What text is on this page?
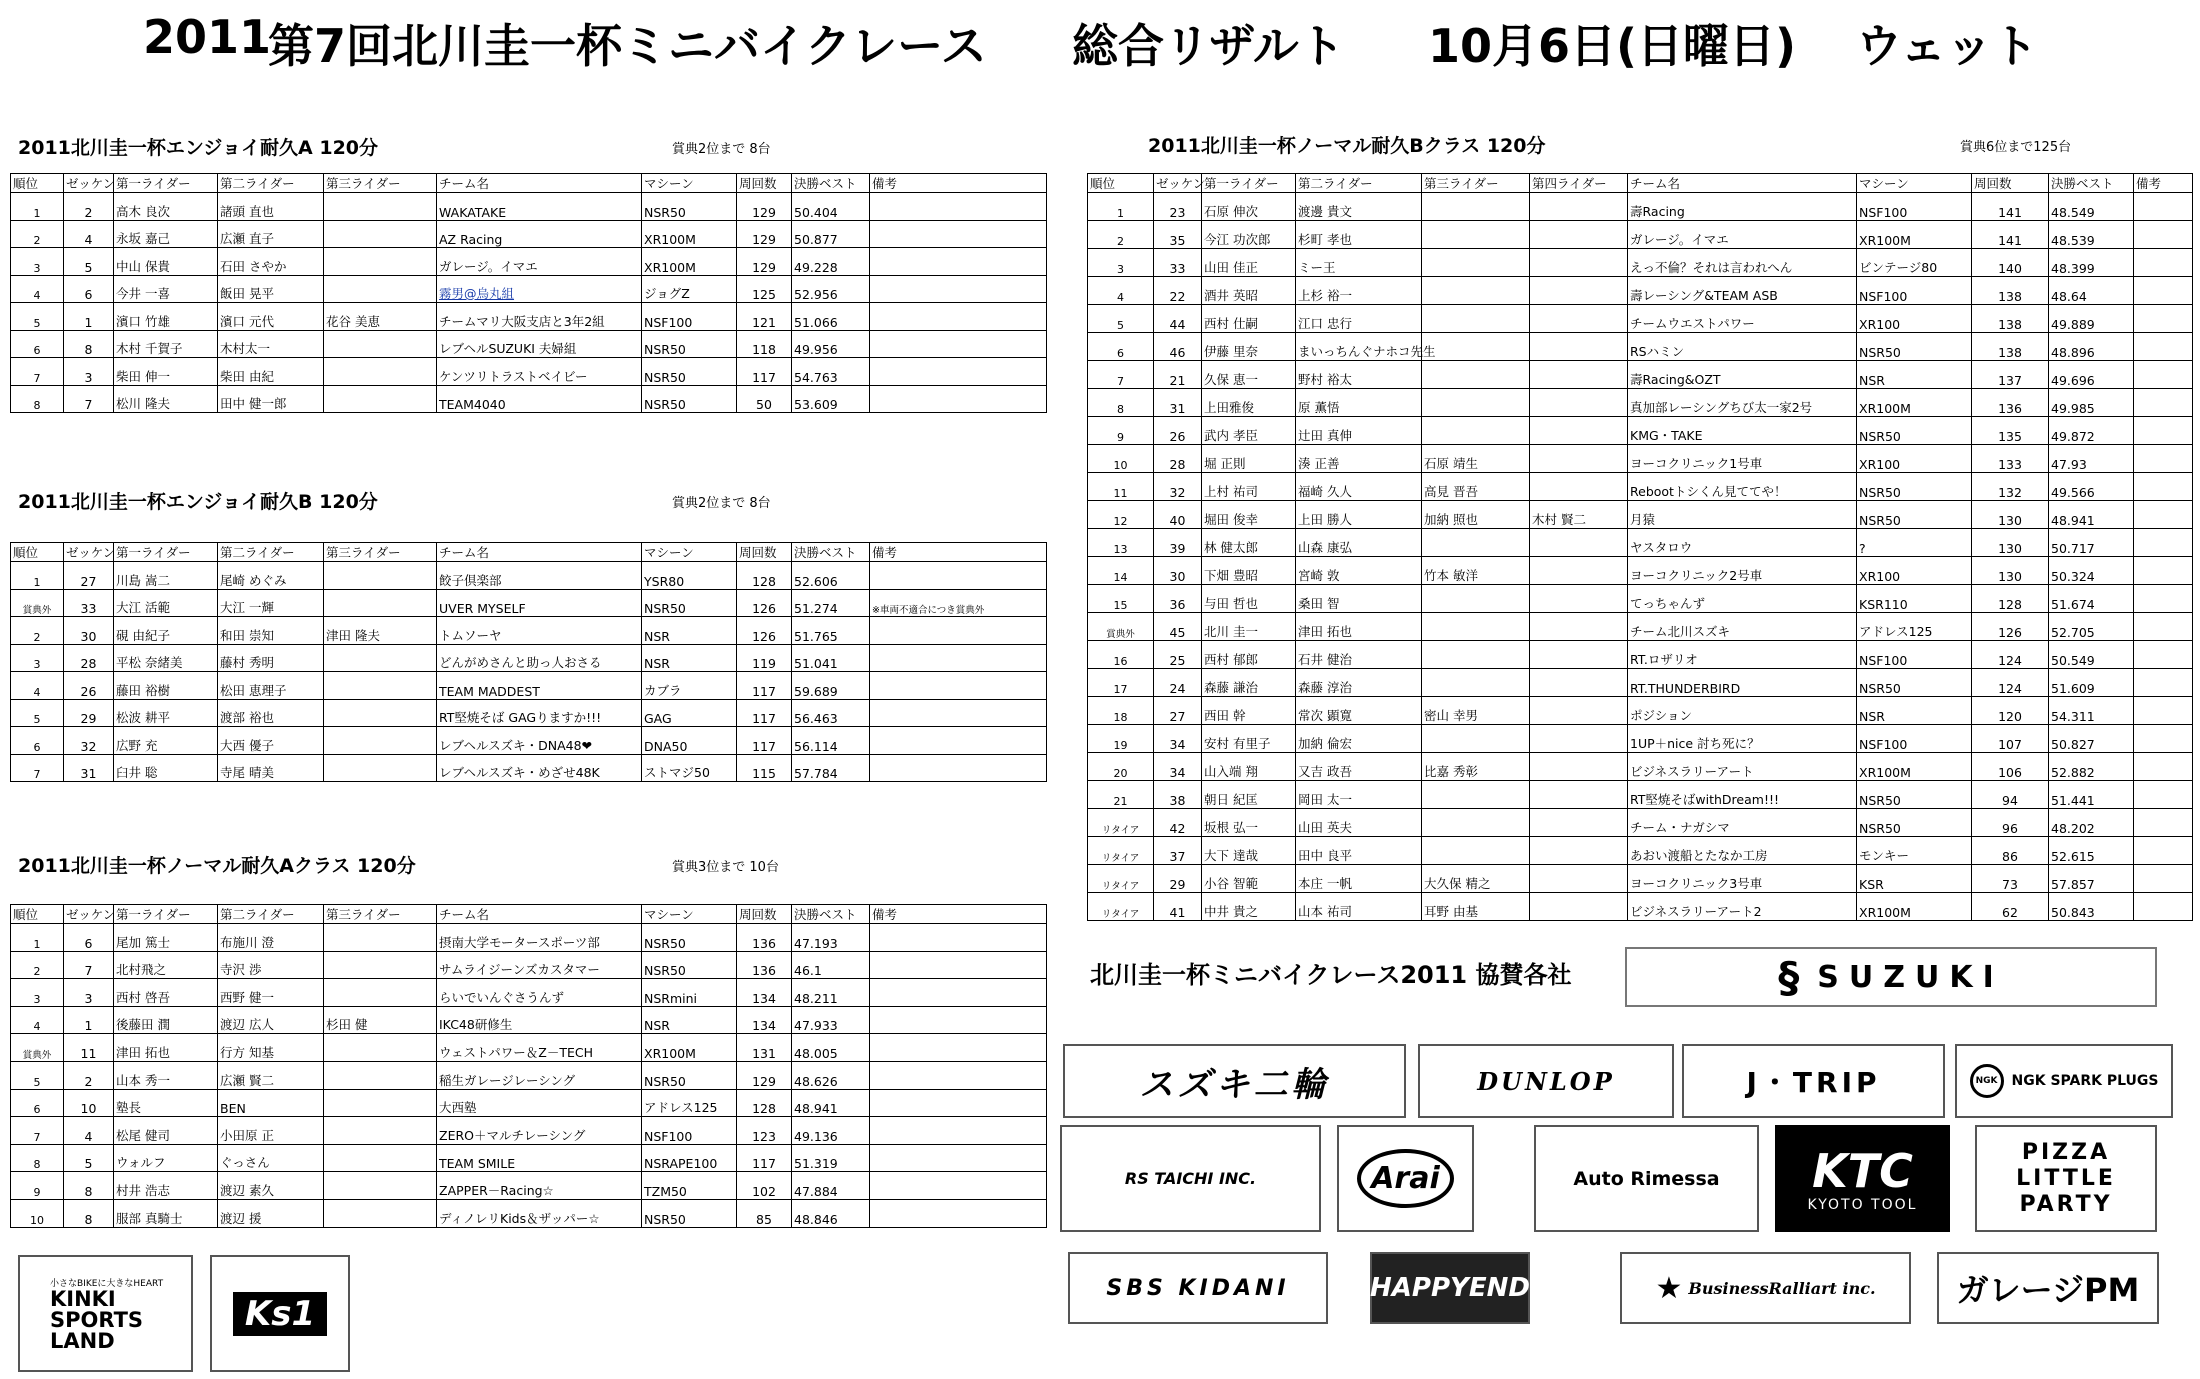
2011
第7回北川圭一杯ミニバイクレース 総合リザルト 10月6日(日曜日) ウェット
2011北川圭一杯エンジョイ耐久A 120分	賞典2位まで 8台
順位	ゼッケン	第一ライダー	第二ライダー	第三ライダー	チーム名	マシーン	周回数	決勝ベスト	備考
1	2	高木 良次	諸頭 直也		WAKATAKE	NSR50	129	50.404	
2	4	永坂 嘉己	広瀬 直子		AZ Racing	XR100M	129	50.877	
3	5	中山 保貴	石田 さやか		ガレージ。イマエ	XR100M	129	49.228	
4	6	今井 一喜	飯田 晃平		霧男@烏丸組	ジョグZ	125	52.956	
5	1	濱口 竹雄	濱口 元代	花谷 美恵	チームマリ大阪支店と3年2組	NSF100	121	51.066	
6	8	木村 千賀子	木村太一		レブヘルSUZUKI 夫婦組	NSR50	118	49.956	
7	3	柴田 伸一	柴田 由紀		ケンツリトラストベイビー	NSR50	117	54.763	
8	7	松川 隆夫	田中 健一郎		TEAM4040	NSR50	50	53.609	
2011北川圭一杯エンジョイ耐久B 120分	賞典2位まで 8台
順位	ゼッケン	第一ライダー	第二ライダー	第三ライダー	チーム名	マシーン	周回数	決勝ベスト	備考
1	27	川島 嵩二	尾崎 めぐみ		餃子倶楽部	YSR80	128	52.606	
賞典外	33	大江 活範	大江 一輝		UVER MYSELF	NSR50	126	51.274	※車両不適合につき賞典外
2	30	硯 由紀子	和田 崇知	津田 隆夫	トムソーヤ	NSR	126	51.765	
3	28	平松 奈緒美	藤村 秀明		どんがめさんと助っ人おさる	NSR	119	51.041	
4	26	藤田 裕樹	松田 恵理子		TEAM MADDEST	カブラ	117	59.689	
5	29	松波 耕平	渡部 裕也		RT堅焼そば GAGりますか!!!	GAG	117	56.463	
6	32	広野 充	大西 優子		レブヘルスズキ・DNA48❤	DNA50	117	56.114	
7	31	臼井 聡	寺尾 晴美		レブヘルスズキ・めざせ48K	ストマジ50	115	57.784	
2011北川圭一杯ノーマル耐久Aクラス 120分	賞典3位まで 10台
順位	ゼッケン	第一ライダー	第二ライダー	第三ライダー	チーム名	マシーン	周回数	決勝ベスト	備考
1	6	尾加 篤士	布施川 澄		摂南大学モータースポーツ部	NSR50	136	47.193	
2	7	北村飛之	寺沢 渉		サムライジーンズカスタマー	NSR50	136	46.1	
3	3	西村 啓吾	西野 健一		らいでいんぐさうんず	NSRmini	134	48.211	
4	1	後藤田 潤	渡辺 広人	杉田 健	IKC48研修生	NSR	134	47.933	
賞典外	11	津田 拓也	行方 知基		ウェストパワー＆Z－TECH	XR100M	131	48.005	
5	2	山本 秀一	広瀬 賢二		稲生ガレージレーシング	NSR50	129	48.626	
6	10	塾長	BEN		大西塾	アドレス125	128	48.941	
7	4	松尾 健司	小田原 正		ZERO＋マルチレーシング	NSF100	123	49.136	
8	5	ウォルフ	ぐっさん		TEAM SMILE	NSRAPE100	117	51.319	
9	8	村井 浩志	渡辺 素久		ZAPPER－Racing☆	TZM50	102	47.884	
10	8	服部 真騎士	渡辺 援		ディノレリKids＆ザッパー☆	NSR50	85	48.846	
2011北川圭一杯ノーマル耐久Bクラス 120分	賞典6位まで125台
順位	ゼッケン	第一ライダー	第二ライダー	第三ライダー	第四ライダー	チーム名	マシーン	周回数	決勝ベスト	備考
1	23	石原 伸次	渡邊 貴文			壽Racing	NSF100	141	48.549	
2	35	今江 功次郎	杉町 孝也			ガレージ。イマエ	XR100M	141	48.539	
3	33	山田 佳正	ミー王			えっ不倫？それは言われへん	ビンテージ80	140	48.399	
4	22	酒井 英昭	上杉 裕一			壽レーシング&TEAM ASB	NSF100	138	48.64	
5	44	西村 仕嗣	江口 忠行			チームウエストパワー	XR100	138	49.889	
6	46	伊藤 里奈	まいっちんぐナホコ先生			RSハミン	NSR50	138	48.896	
7	21	久保 恵一	野村 裕太			壽Racing&OZT	NSR	137	49.696	
8	31	上田雅俊	原 薫悟			真加部レーシングちび太一家2号	XR100M	136	49.985	
9	26	武内 孝臣	辻田 真伸			KMG・TAKE	NSR50	135	49.872	
10	28	堀 正則	湊 正善	石原 靖生		ヨーコクリニック1号車	XR100	133	47.93	
11	32	上村 祐司	福崎 久人	高見 晋吾		Rebootトシくん見ててや！	NSR50	132	49.566	
12	40	堀田 俊幸	上田 勝人	加納 照也	木村 賢二	月猿	NSR50	130	48.941	
13	39	林 健太郎	山森 康弘			ヤスタロウ	?	130	50.717	
14	30	下畑 豊昭	宮崎 敦	竹本 敏洋		ヨーコクリニック2号車	XR100	130	50.324	
15	36	与田 哲也	桑田 智			てっちゃんず	KSR110	128	51.674	
賞典外	45	北川 圭一	津田 拓也			チーム北川スズキ	アドレス125	126	52.705	
16	25	西村 郁郎	石井 健治			RT.ロザリオ	NSF100	124	50.549	
17	24	森藤 謙治	森藤 淳治			RT.THUNDERBIRD	NSR50	124	51.609	
18	27	西田 幹	常次 顕寛	密山 幸男		ポジション	NSR	120	54.311	
19	34	安村 有里子	加納 倫宏			1UP＋nice 討ち死に？	NSF100	107	50.827	
20	34	山入端 翔	又吉 政吾	比嘉 秀彰		ビジネスラリーアート	XR100M	106	52.882	
21	38	朝日 紀匡	岡田 太一			RT堅焼そばwithDream!!!	NSR50	94	51.441	
リタイア	42	坂根 弘一	山田 英夫			チーム・ナガシマ	NSR50	96	48.202	
リタイア	37	大下 達哉	田中 良平			あおい渡船とたなか工房	モンキー	86	52.615	
リタイア	29	小谷 智範	本庄 一帆	大久保 精之		ヨーコクリニック3号車	KSR	73	57.857	
リタイア	41	中井 貴之	山本 祐司	耳野 由基		ビジネスラリーアート2	XR100M	62	50.843	
北川圭一杯ミニバイクレース2011 協賛各社	§ SUZUKI
スズキ二輪	DUNLOP	J・TRIP	NGK	NGK SPARK PLUGS
RS TAICHI INC.	Arai	Auto Rimessa KTC
KYOTO TOOL
PIZZA LITTLE PARTY
SBS KIDANI	HAPPYEND	★ BusinessRalliart inc.	ガレージPM
小さなBIKEに大きなHEART
KINKI SPORTS LAND
Ks1
